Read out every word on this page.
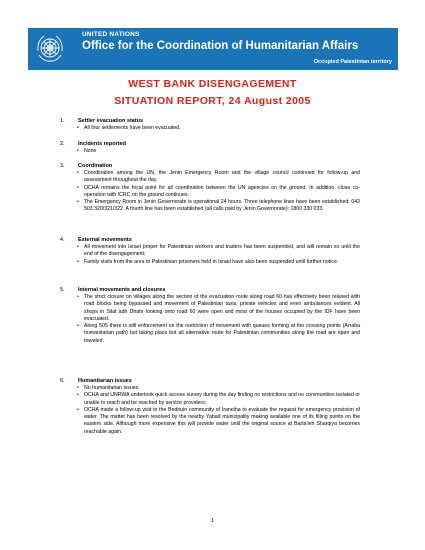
UNITED NATIONS
Office for the Coordination of Humanitarian Affairs
Occupied Palestinian territory
WEST BANK DISENGAGEMENT
SITUATION REPORT, 24 August 2005
1. Settler evacuation status
• All four settlements have been evacuated.
2. Incidents reported
• None
3. Coordination
• Coordination among the UN, the Jenin Emergency Room and the village council continued for follow-up and assessment throughout the day.
• OCHA remains the focal point for all coordination between the UN agencies on the ground. In addition, close co-operation with ICRC on the ground continues.
• The Emergency Room in Jenin Governorate is operational 24 hours. Three telephone lines have been established: 042 503 320/321/322. A fourth line has been established (all calls paid by Jenin Governorate): 1800 330 033.
4. External movements
• All movement into Israel proper for Palestinian workers and traders has been suspended, and will remain so until the end of the disengagement;
• Family visits from the area to Palestinian prisoners held in Israel have also been suspended until further notice.
5. Internal movements and closures
• The strict closure on villages along the section of the evacuation route along road 60 has effectively been relaxed with road blocks being bypassed and movement of Palestinian taxis, private vehicles and even ambulances evident. All shops in Silat adh Dhahr looking onto road 60 were open and most of the houses occupied by the IDF have been evacuated.
• Along 505 there is still enforcement on the restriction of movement with queues forming at the crossing points (Arraba humanitarian path) but taking place but all alternative route for Palestinian communities along the road are open and traveled.
6. Humanitarian issues
• No humanitarian issues.
• OCHA and UNRWA undertook quick access survey during the day finding no restrictions and no communities isolated or unable to reach and be reached by service providers;
• OCHA made a follow-up visit to the Bedouin community of Iraneiha to evaluate the request for emergency provision of water. The matter has been resolved by the nearby Yabad municipality making available one of its filling points on the eastern side. Although more expensive this will provide water until the original source at Barta'ieh Sharqiya becomes reachable again.
1
